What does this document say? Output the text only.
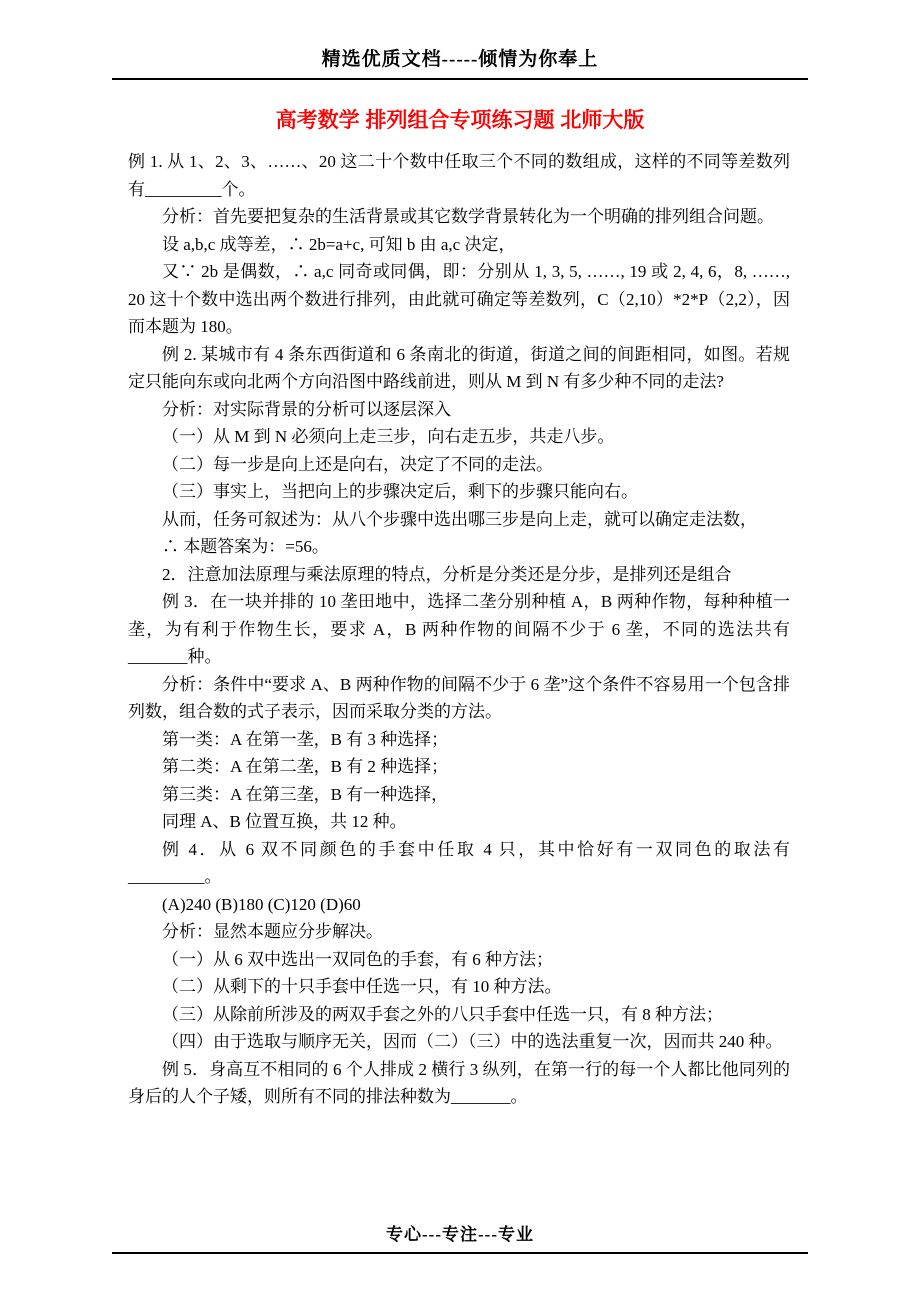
精选优质文档-----倾情为你奉上
高考数学 排列组合专项练习题 北师大版

例 1. 从 1、2、3、……、20 这二十个数中任取三个不同的数组成，这样的不同等差数列有_________个。

分析：首先要把复杂的生活背景或其它数学背景转化为一个明确的排列组合问题。

设 a,b,c 成等差，∴ 2b=a+c, 可知 b 由 a,c 决定，

又∵ 2b 是偶数，∴ a,c 同奇或同偶，即：分别从 1, 3, 5, ……, 19 或 2, 4, 6，8, ……, 20 这十个数中选出两个数进行排列，由此就可确定等差数列，C（2,10）*2*P（2,2），因而本题为 180。

例 2. 某城市有 4 条东西街道和 6 条南北的街道，街道之间的间距相同，如图。若规定只能向东或向北两个方向沿图中路线前进，则从 M 到 N 有多少种不同的走法?

分析：对实际背景的分析可以逐层深入

（一）从 M 到 N 必须向上走三步，向右走五步，共走八步。

（二）每一步是向上还是向右，决定了不同的走法。

（三）事实上，当把向上的步骤决定后，剩下的步骤只能向右。

从而，任务可叙述为：从八个步骤中选出哪三步是向上走，就可以确定走法数，

∴ 本题答案为：=56。

2．注意加法原理与乘法原理的特点，分析是分类还是分步，是排列还是组合

例 3．在一块并排的 10 垄田地中，选择二垄分别种植 A，B 两种作物，每种种植一垄，为有利于作物生长，要求 A，B 两种作物的间隔不少于 6 垄，不同的选法共有_______种。

分析：条件中“要求 A、B 两种作物的间隔不少于 6 垄”这个条件不容易用一个包含排列数，组合数的式子表示，因而采取分类的方法。

第一类：A 在第一垄，B 有 3 种选择；

第二类：A 在第二垄，B 有 2 种选择；

第三类：A 在第三垄，B 有一种选择，

同理 A、B 位置互换，共 12 种。

例 4．从 6 双不同颜色的手套中任取 4 只，其中恰好有一双同色的取法有_________。

(A)240 (B)180 (C)120 (D)60

分析：显然本题应分步解决。

（一）从 6 双中选出一双同色的手套，有 6 种方法；

（二）从剩下的十只手套中任选一只，有 10 种方法。

（三）从除前所涉及的两双手套之外的八只手套中任选一只，有 8 种方法；

（四）由于选取与顺序无关，因而（二）（三）中的选法重复一次，因而共 240 种。

例 5．身高互不相同的 6 个人排成 2 横行 3 纵列，在第一行的每一个人都比他同列的身后的人个子矮，则所有不同的排法种数为_______。

专心---专注---专业
